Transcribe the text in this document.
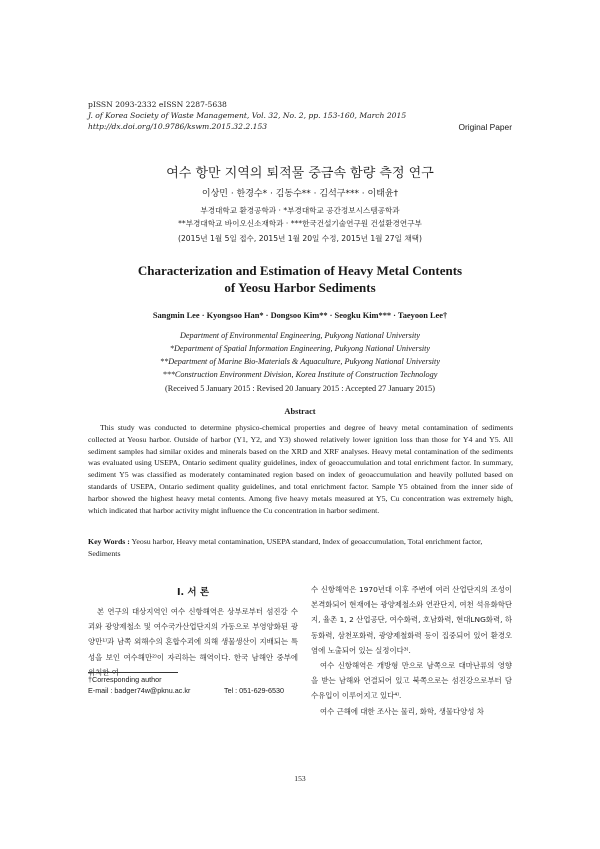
pISSN 2093-2332 eISSN 2287-5638
J. of Korea Society of Waste Management, Vol. 32, No. 2, pp. 153-160, March 2015
http://dx.doi.org/10.9786/kswm.2015.32.2.153	Original Paper
여수 항만 지역의 퇴적물 중금속 함량 측정 연구
이상민 · 한경수* · 김동수** · 김석구*** · 이태윤†
부경대학교 환경공학과 · *부경대학교 공간정보시스템공학과
**부경대학교 바이오신소재학과 · ***한국건설기술연구원 건설환경연구부
(2015년 1월 5일 접수, 2015년 1월 20일 수정, 2015년 1월 27일 채택)
Characterization and Estimation of Heavy Metal Contents
of Yeosu Harbor Sediments
Sangmin Lee · Kyongsoo Han* · Dongsoo Kim** · Seogku Kim*** · Taeyoon Lee†
Department of Environmental Engineering, Pukyong National University
*Department of Spatial Information Engineering, Pukyong National University
**Department of Marine Bio-Materials & Aquaculture, Pukyong National University
***Construction Environment Division, Korea Institute of Construction Technology
(Received 5 January 2015 : Revised 20 January 2015 : Accepted 27 January 2015)
Abstract
This study was conducted to determine physico-chemical properties and degree of heavy metal contamination of sediments collected at Yeosu harbor. Outside of harbor (Y1, Y2, and Y3) showed relatively lower ignition loss than those for Y4 and Y5. All sediment samples had similar oxides and minerals based on the XRD and XRF analyses. Heavy metal contamination of the sediments was evaluated using USEPA, Ontario sediment quality guidelines, index of geoaccumulation and total enrichment factor. In summary, sediment Y5 was classified as moderately contaminated region based on index of geoaccumulation and heavily polluted based on standards of USEPA, Ontario sediment quality guidelines, and total enrichment factor. Sample Y5 obtained from the inner side of harbor showed the highest heavy metal contents. Among five heavy metals measured at Y5, Cu concentration was extremely high, which indicated that harbor activity might influence the Cu concentration in harbor sediment.
Key Words : Yeosu harbor, Heavy metal contamination, USEPA standard, Index of geoaccumulation, Total enrichment factor, Sediments
I. 서 론

본 연구의 대상지역인 여수 신항해역은 상부로부터 섬진강 수괴와 광양제철소 및 여수국가산업단지의 가동으로 부영양화된 광양만¹⁾과 남쪽 외해수의 혼합수괴에 의해 생물생산이 지배되는 특성을 보인 여수해만²⁾이 자리하는 해역이다. 한국 남해안 중부에 위치한 여

수 신항해역은 1970년대 이후 주변에 여러 산업단지의 조성이 본격화되어 현재에는 광양제철소와 연관단지, 여천 석유화학단지, 율촌 1, 2 산업공단, 여수화력, 호남화력, 현대LNG화력, 하동화력, 삼천포화력, 광양제철화력 등이 집중되어 있어 환경오염에 노출되어 있는 실정이다³⁾.

여수 신항해역은 개방형 만으로 남쪽으로 대마난류의 영향을 받는 남해와 연결되어 있고 북쪽으로는 섬진강으로부터 담수유입이 이루어지고 있다⁴⁾.

여수 근해에 대한 조사는 물리, 화학, 생물다양성 차

†Corresponding author
E-mail : badger74w@pknu.ac.kr	Tel : 051-629-6530
153
